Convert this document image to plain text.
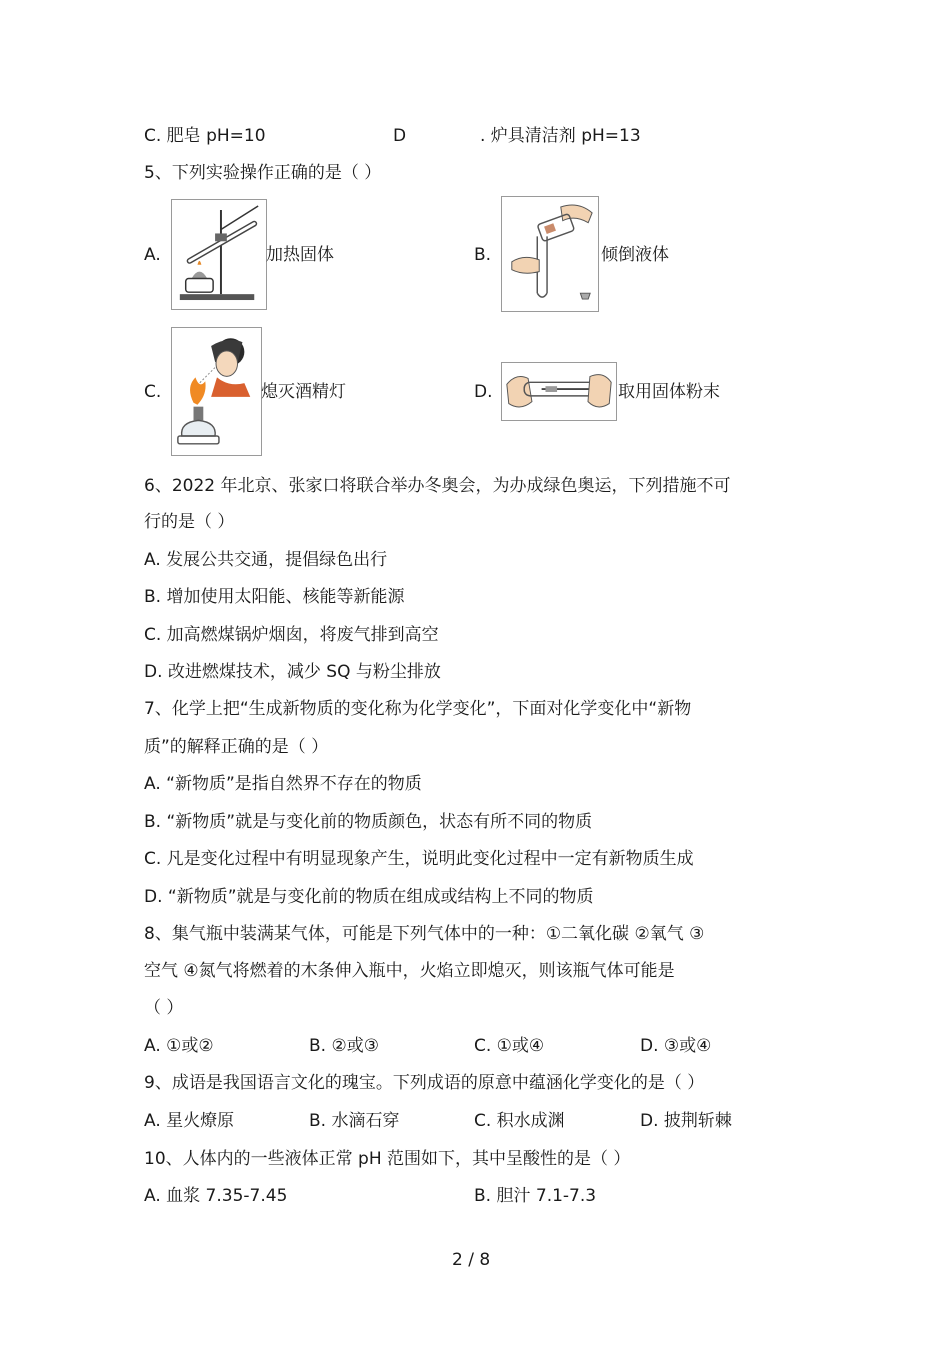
C. 肥皂 pH=10	D	. 炉具清洁剂 pH=13
5、下列实验操作正确的是（ ）
A.	加热固体	B.	倾倒液体
C.	熄灭酒精灯	D.	取用固体粉末
6、2022 年北京、张家口将联合举办冬奥会，为办成绿色奥运，下列措施不可
行的是（ ）
A. 发展公共交通，提倡绿色出行
B. 增加使用太阳能、核能等新能源
C. 加高燃煤锅炉烟囱，将废气排到高空
D. 改进燃煤技术，减少 SQ 与粉尘排放
7、化学上把“生成新物质的变化称为化学变化”，下面对化学变化中“新物
质”的解释正确的是（ ）
A. “新物质”是指自然界不存在的物质
B. “新物质”就是与变化前的物质颜色，状态有所不同的物质
C. 凡是变化过程中有明显现象产生，说明此变化过程中一定有新物质生成
D. “新物质”就是与变化前的物质在组成或结构上不同的物质
8、集气瓶中装满某气体，可能是下列气体中的一种：①二氧化碳 ②氧气 ③
空气 ④氮气将燃着的木条伸入瓶中，火焰立即熄灭，则该瓶气体可能是
（ ）
A. ①或②	B. ②或③	C. ①或④	D. ③或④
9、成语是我国语言文化的瑰宝。下列成语的原意中蕴涵化学变化的是（ ）
A. 星火燎原	B. 水滴石穿	C. 积水成渊	D. 披荆斩棘
10、人体内的一些液体正常 pH 范围如下，其中呈酸性的是（ ）
A. 血浆 7.35-7.45	B. 胆汁 7.1-7.3
2 / 8
